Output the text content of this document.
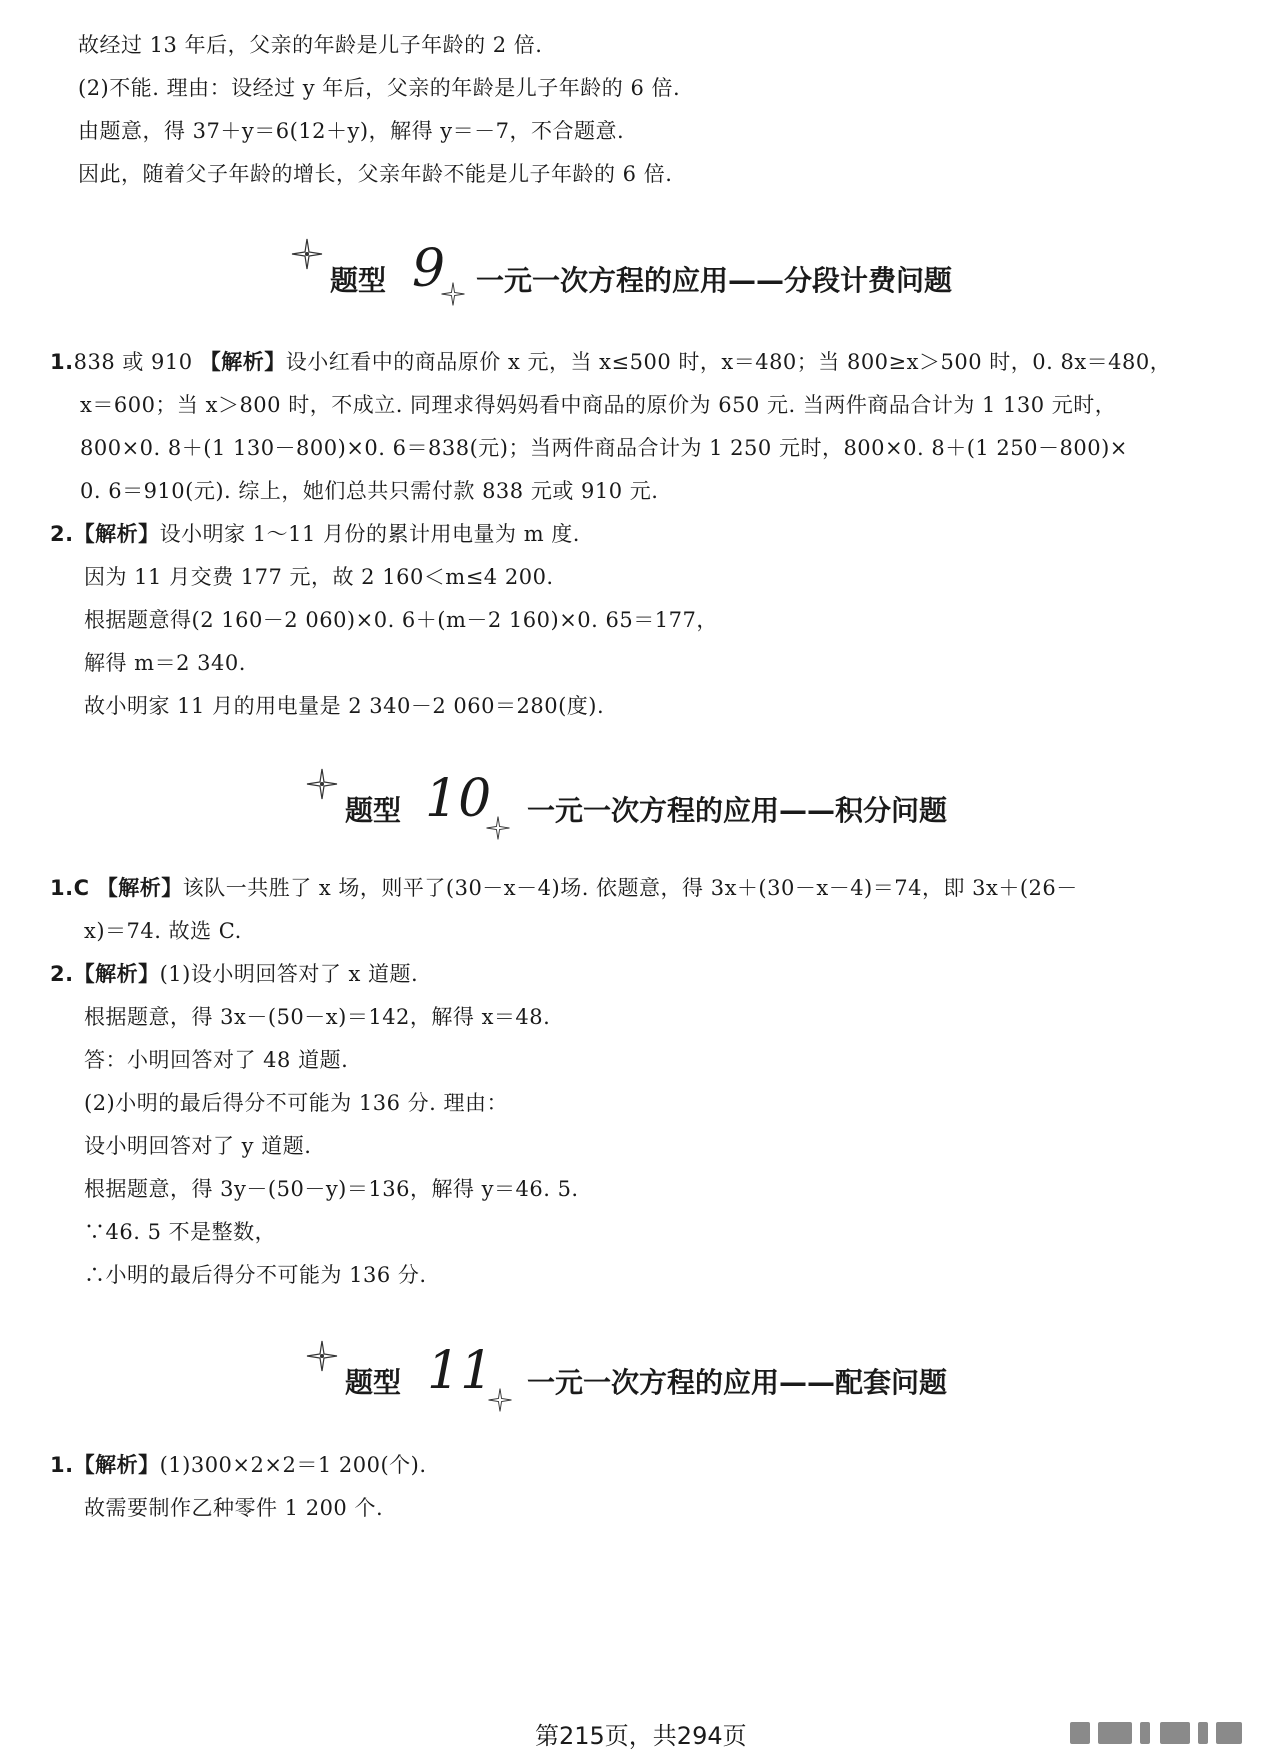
故经过 13 年后，父亲的年龄是儿子年龄的 2 倍.
(2)不能. 理由：设经过 y 年后，父亲的年龄是儿子年龄的 6 倍.
由题意，得 37＋y＝6(12＋y)，解得 y＝－7，不合题意.
因此，随着父子年龄的增长，父亲年龄不能是儿子年龄的 6 倍.
题型 9 一元一次方程的应用——分段计费问题
1.838 或 910 【解析】设小红看中的商品原价 x 元，当 x≤500 时，x＝480；当 800≥x＞500 时，0. 8x＝480，
x＝600；当 x＞800 时，不成立. 同理求得妈妈看中商品的原价为 650 元. 当两件商品合计为 1 130 元时，
800×0. 8＋(1 130－800)×0. 6＝838(元)；当两件商品合计为 1 250 元时，800×0. 8＋(1 250－800)×
0. 6＝910(元). 综上，她们总共只需付款 838 元或 910 元.
2.【解析】设小明家 1～11 月份的累计用电量为 m 度.
因为 11 月交费 177 元，故 2 160＜m≤4 200.
根据题意得(2 160－2 060)×0. 6＋(m－2 160)×0. 65＝177，
解得 m＝2 340.
故小明家 11 月的用电量是 2 340－2 060＝280(度).
题型 10 一元一次方程的应用——积分问题
1.C 【解析】该队一共胜了 x 场，则平了(30－x－4)场. 依题意，得 3x＋(30－x－4)＝74，即 3x＋(26－
x)＝74. 故选 C.
2.【解析】(1)设小明回答对了 x 道题.
根据题意，得 3x－(50－x)＝142，解得 x＝48.
答：小明回答对了 48 道题.
(2)小明的最后得分不可能为 136 分. 理由：
设小明回答对了 y 道题.
根据题意，得 3y－(50－y)＝136，解得 y＝46. 5.
∵46. 5 不是整数，
∴小明的最后得分不可能为 136 分.
题型 11 一元一次方程的应用——配套问题
1.【解析】(1)300×2×2＝1 200(个).
故需要制作乙种零件 1 200 个.
第215页，共294页
